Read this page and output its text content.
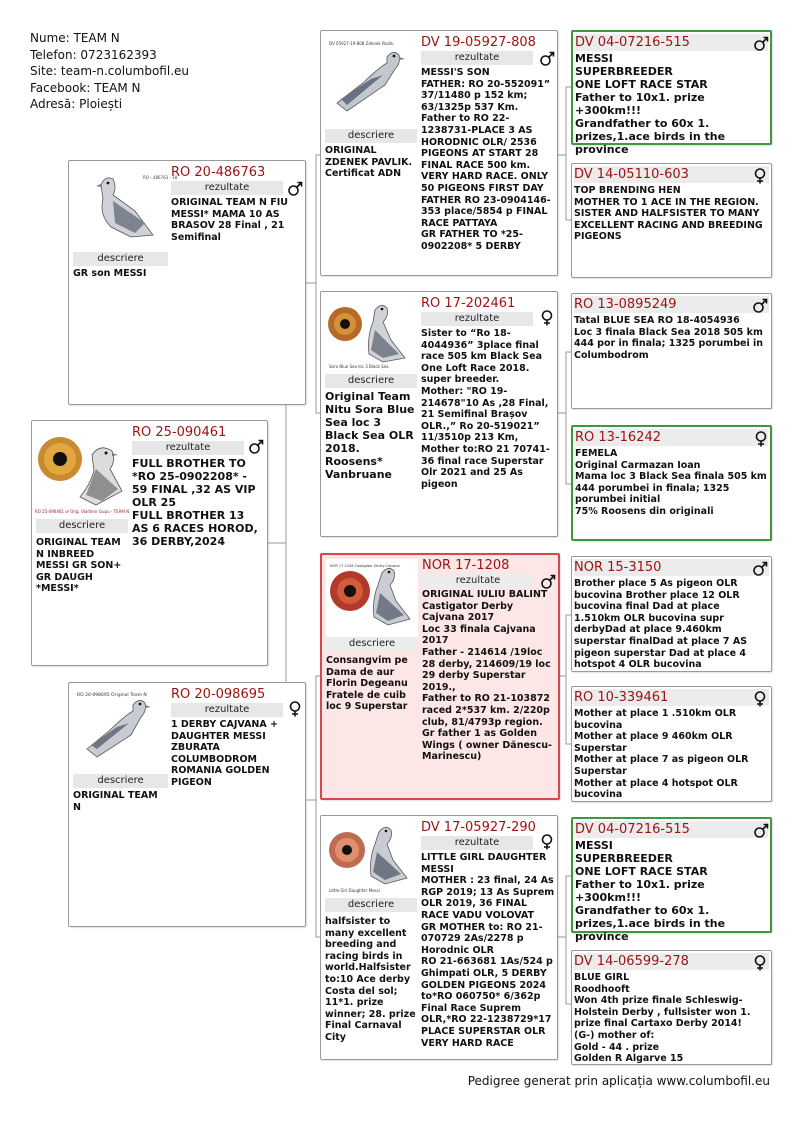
Nume: TEAM N
Telefon: 0723162393
Site: team-n.columbofil.eu
Facebook: TEAM N
Adresă: Ploiești
RO 25-090461 ♂ Orig. Vladimir Gupu - TEAM N
descriere
ORIGINAL TEAM N INBREED MESSI GR SON+ GR DAUGH *MESSI*
RO 25-090461
rezultate
FULL BROTHER TO *RO 25-0902208* - 59 FINAL ,32 AS VIP OLR 25
FULL BROTHER 13 AS 6 RACES HOROD, 36 DERBY,2024
RO - 486763 - 18
descriere
GR son MESSI
RO 20-486763
rezultate
ORIGINAL TEAM N FIU MESSI* MAMA 10 AS BRASOV 28 Final , 21 Semifinal
RO 20-098695 Original Team N
descriere
ORIGINAL TEAM N
RO 20-098695
rezultate
1 DERBY CAJVANA + DAUGHTER MESSI ZBURATA COLUMBODROM ROMANIA GOLDEN PIGEON
DV 05927-19-808 Zdenek Pavlik
descriere
ORIGINAL ZDENEK PAVLIK. Certificat ADN
DV 19-05927-808
rezultate
MESSI'S SON
FATHER: RO 20-552091” 37/11480 p 152 km; 63/1325p 537 Km.
Father to RO 22-1238731-PLACE 3 AS HORODNIC OLR/ 2536 PIGEONS AT START 28 FINAL RACE 500 km. VERY HARD RACE. ONLY 50 PIGEONS FIRST DAY
FATHER RO 23-0904146- 353 place/5854 p FINAL RACE PATTAYA
GR FATHER TO *25-0902208* 5 DERBY
Sora Blue Sea loc 3 Black Sea
descriere
Original Team Nitu Sora Blue Sea loc 3 Black Sea OLR 2018. Roosens* Vanbruane
RO 17-202461
rezultate
Sister to “Ro 18-4044936” 3place final race 505 km Black Sea One Loft Race 2018. super breeder.
Mother: "RO 19-214678"10 As ,28 Final, 21 Semifinal Brașov OLR.,” Ro 20-519021” 11/3510p 213 Km, Mother to:RO 21 70741- 36 final race Superstar Olr 2021 and 25 As pigeon
NOR 17-1208 Castigator Derby Cajvana
descriere
Consangvim pe Dama de aur Florin Degeanu Fratele de cuib loc 9 Superstar
NOR 17-1208
rezultate
ORIGINAL IULIU BALINT Castigator Derby Cajvana 2017
Loc 33 finala Cajvana 2017
Father - 214614 /19loc 28 derby, 214609/19 loc 29 derby Superstar 2019.,
Father to RO 21-103872 raced 2*537 km. 2/220p club, 81/4793p region.
Gr father 1 as Golden Wings ( owner Dănescu-Marinescu)
Little Girl Daughter Messi
descriere
halfsister to many excellent breeding and racing birds in world.Halfsister to:10 Ace derby Costa del sol; 11*1. prize winner; 28. prize Final Carnaval City
DV 17-05927-290
rezultate
LITTLE GIRL DAUGHTER MESSI
MOTHER : 23 final, 24 As RGP 2019; 13 As Suprem OLR 2019, 36 FINAL RACE VADU VOLOVAT
GR MOTHER to: RO 21-070729 2As/2278 p Horodnic OLR
RO 21-663681 1As/524 p Ghimpati OLR, 5 DERBY GOLDEN PIGEONS 2024
to*RO 060750* 6/362p Final Race Suprem OLR,*RO 22-1238729*17 PLACE SUPERSTAR OLR VERY HARD RACE
DV 04-07216-515
MESSI
SUPERBREEDER
ONE LOFT RACE STAR
Father to 10x1. prize +300km!!!
Grandfather to 60x 1. prizes,1.ace birds in the province
DV 14-05110-603
TOP BRENDING HEN
MOTHER TO 1 ACE IN THE REGION. SISTER AND HALFSISTER TO MANY EXCELLENT RACING AND BREEDING PIGEONS
RO 13-0895249
Tatal BLUE SEA RO 18-4054936
Loc 3 finala Black Sea 2018 505 km
444 por in finala; 1325 porumbei in Columbodrom
RO 13-16242
FEMELA
Original Carmazan Ioan
Mama loc 3 Black Sea finala 505 km
444 porumbei in finala; 1325 porumbei initial
75% Roosens din originali
NOR 15-3150
Brother place 5 As pigeon OLR bucovina Brother place 12 OLR bucovina final Dad at place 1.510km OLR bucovina supr derbyDad at place 9.460km superstar finalDad at place 7 AS pigeon superstar Dad at place 4 hotspot 4 OLR bucovina
RO 10-339461
Mother at place 1 .510km OLR bucovina
Mother at place 9 460km OLR Superstar
Mother at place 7 as pigeon OLR Superstar
Mother at place 4 hotspot OLR bucovina
DV 04-07216-515
MESSI
SUPERBREEDER
ONE LOFT RACE STAR
Father to 10x1. prize +300km!!!
Grandfather to 60x 1. prizes,1.ace birds in the province
DV 14-06599-278
BLUE GIRL
Roodhooft
Won 4th prize finale Schleswig-Holstein Derby , fullsister won 1. prize final Cartaxo Derby 2014!
(G-) mother of:
Gold - 44 . prize
Golden R Algarve 15
Pedigree generat prin aplicația www.columbofil.eu
